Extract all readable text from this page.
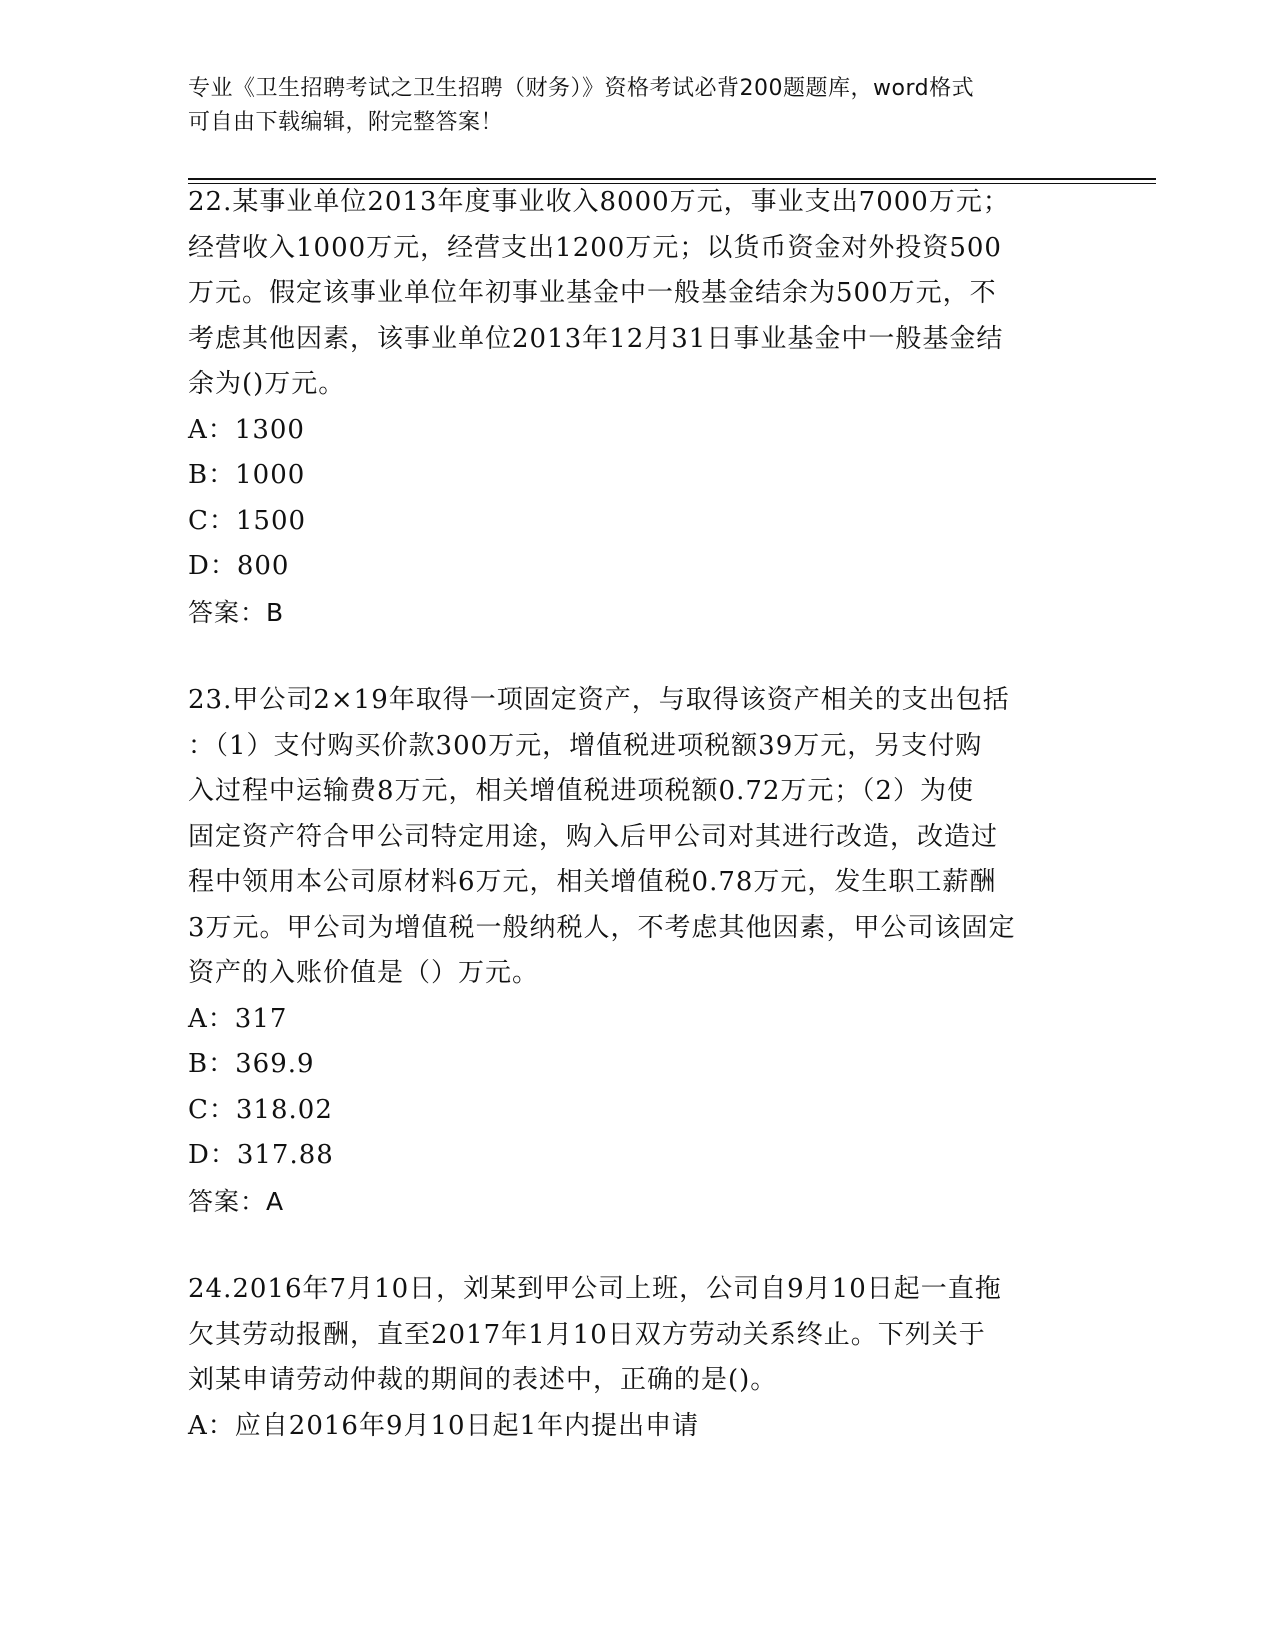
专业《卫生招聘考试之卫生招聘（财务）》资格考试必背200题题库，word格式
可自由下载编辑，附完整答案！
22.某事业单位2013年度事业收入8000万元，事业支出7000万元；
经营收入1000万元，经营支出1200万元；以货币资金对外投资500
万元。假定该事业单位年初事业基金中一般基金结余为500万元，不
考虑其他因素，该事业单位2013年12月31日事业基金中一般基金结
余为()万元。
A：1300
B：1000
C：1500
D：800
答案：B
23.甲公司2×19年取得一项固定资产，与取得该资产相关的支出包括
：（1）支付购买价款300万元，增值税进项税额39万元，另支付购
入过程中运输费8万元，相关增值税进项税额0.72万元；（2）为使
固定资产符合甲公司特定用途，购入后甲公司对其进行改造，改造过
程中领用本公司原材料6万元，相关增值税0.78万元，发生职工薪酬
3万元。甲公司为增值税一般纳税人，不考虑其他因素，甲公司该固定
资产的入账价值是（）万元。
A：317
B：369.9
C：318.02
D：317.88
答案：A
24.2016年7月10日，刘某到甲公司上班，公司自9月10日起一直拖
欠其劳动报酬，直至2017年1月10日双方劳动关系终止。下列关于
刘某申请劳动仲裁的期间的表述中，正确的是()。
A：应自2016年9月10日起1年内提出申请
